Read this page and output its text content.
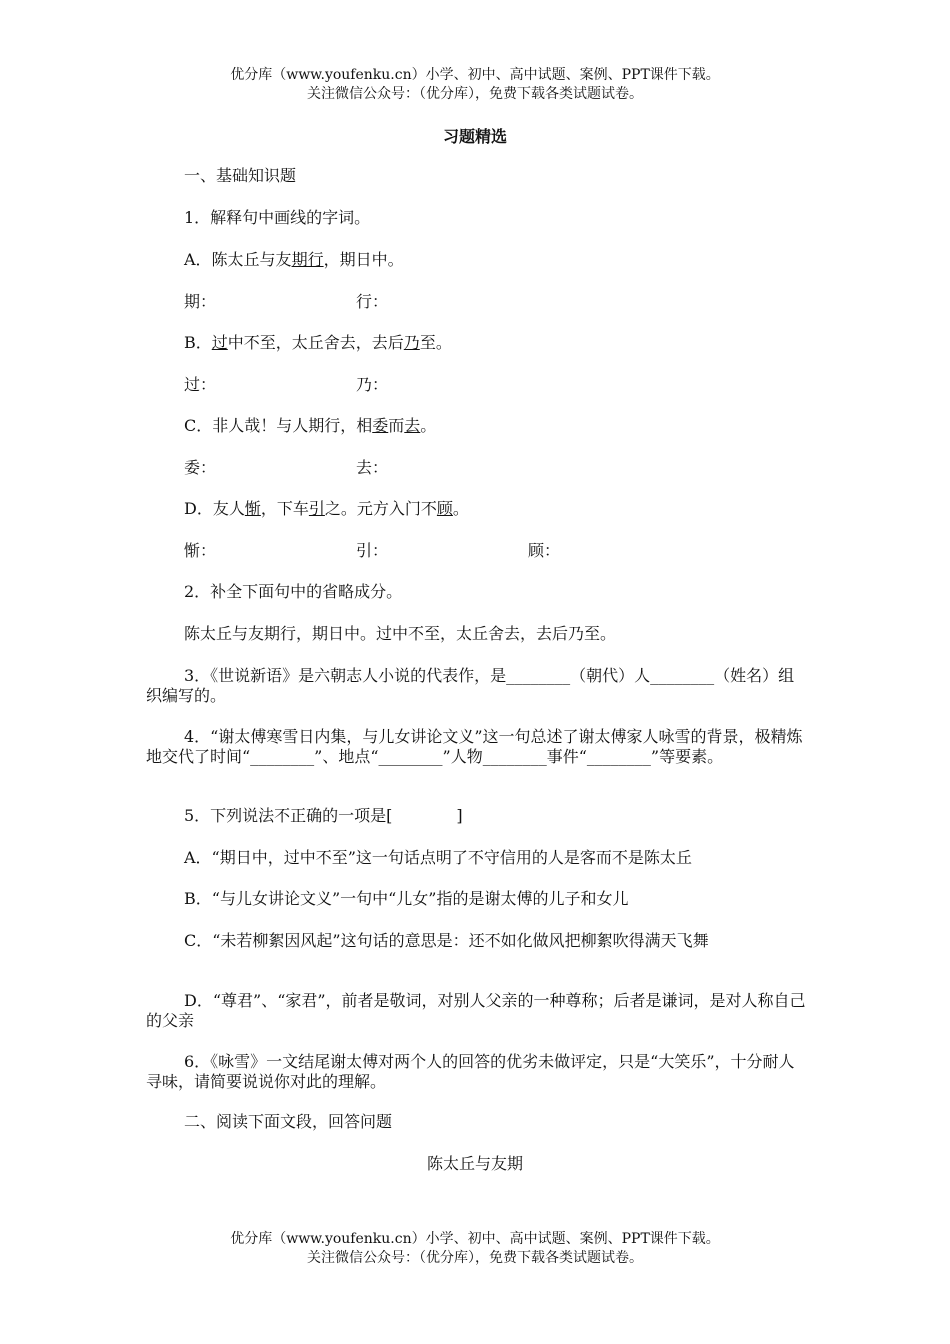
优分库（www.youfenku.cn）小学、初中、高中试题、案例、PPT课件下载。
关注微信公众号：（优分库），免费下载各类试题试卷。
习题精选
一、基础知识题
1．解释句中画线的字词。
A．陈太丘与友期行，期日中。
期：	行：
B．过中不至，太丘舍去，去后乃至。
过：	乃：
C．非人哉！与人期行，相委而去。
委：	去：
D．友人惭，下车引之。元方入门不顾。
惭：	引：	顾：
2．补全下面句中的省略成分。
陈太丘与友期行，期日中。过中不至，太丘舍去，去后乃至。
3．《世说新语》是六朝志人小说的代表作，是________（朝代）人________（姓名）组织编写的。
4．“谢太傅寒雪日内集，与儿女讲论文义”这一句总述了谢太傅家人咏雪的背景，极精炼地交代了时间“________”、地点“________”人物________事件“________”等要素。
5．下列说法不正确的一项是[　　　　]
A．“期日中，过中不至”这一句话点明了不守信用的人是客而不是陈太丘
B．“与儿女讲论文义”一句中“儿女”指的是谢太傅的儿子和女儿
C．“未若柳絮因风起”这句话的意思是：还不如化做风把柳絮吹得满天飞舞
D．“尊君”、“家君”，前者是敬词，对别人父亲的一种尊称；后者是谦词，是对人称自己的父亲
6．《咏雪》一文结尾谢太傅对两个人的回答的优劣未做评定，只是“大笑乐”，十分耐人寻味，请简要说说你对此的理解。
二、阅读下面文段，回答问题
陈太丘与友期
优分库（www.youfenku.cn）小学、初中、高中试题、案例、PPT课件下载。
关注微信公众号：（优分库），免费下载各类试题试卷。
